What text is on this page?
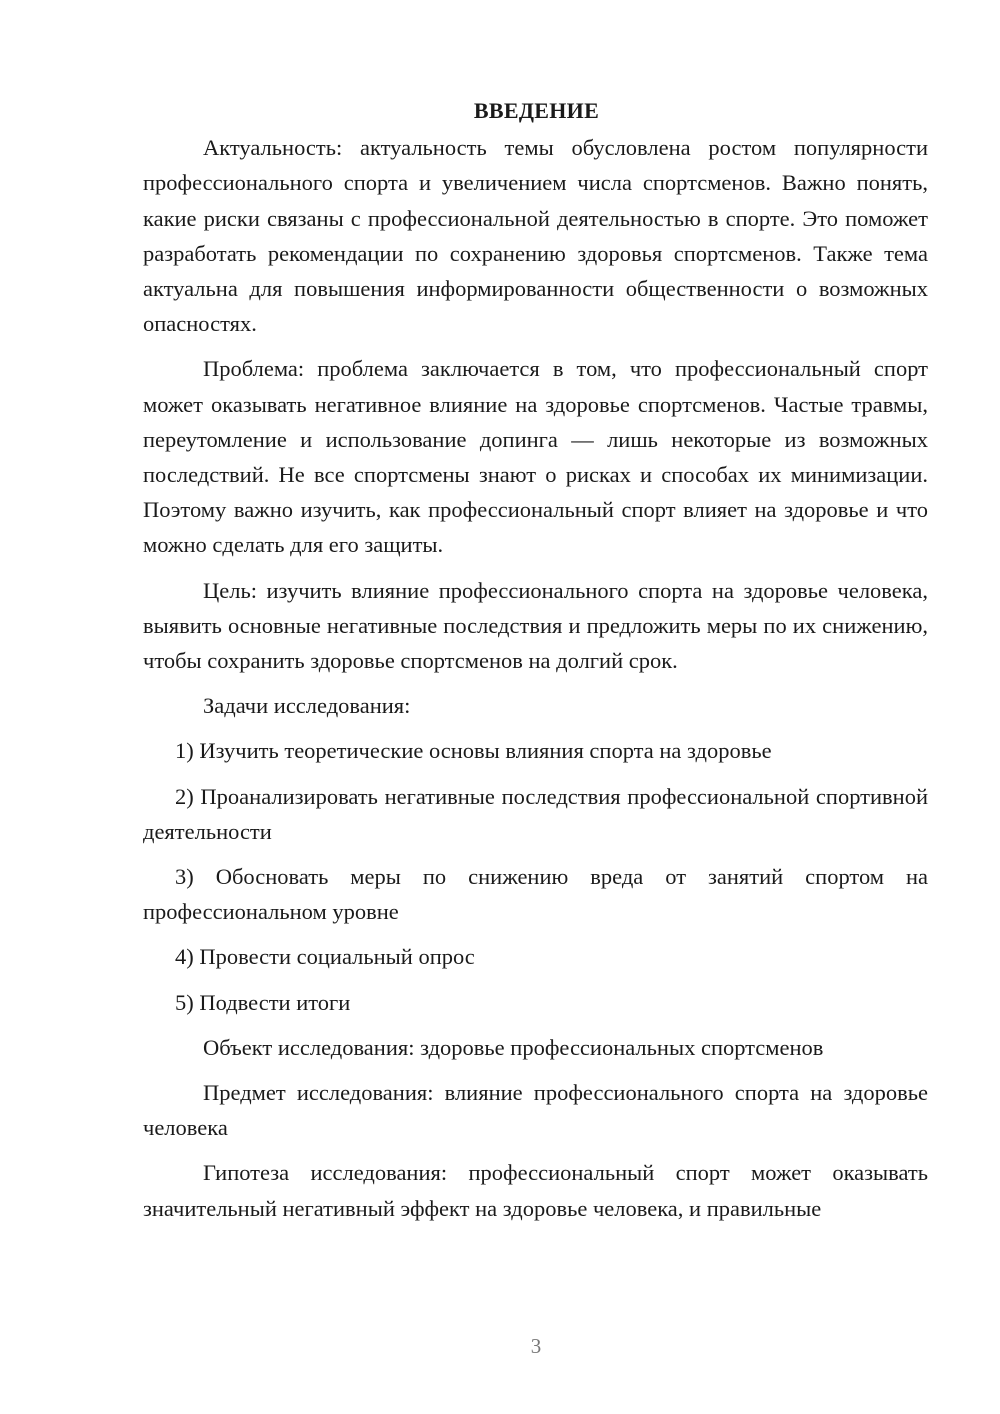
ВВЕДЕНИЕ

Актуальность: актуальность темы обусловлена ростом популярности профессионального спорта и увеличением числа спортсменов. Важно понять, какие риски связаны с профессиональной деятельностью в спорте. Это поможет разработать рекомендации по сохранению здоровья спортсменов. Также тема актуальна для повышения информированности общественности о возможных опасностях.

Проблема: проблема заключается в том, что профессиональный спорт может оказывать негативное влияние на здоровье спортсменов. Частые травмы, переутомление и использование допинга — лишь некоторые из возможных последствий. Не все спортсмены знают о рисках и способах их минимизации. Поэтому важно изучить, как профессиональный спорт влияет на здоровье и что можно сделать для его защиты.

Цель: изучить влияние профессионального спорта на здоровье человека, выявить основные негативные последствия и предложить меры по их снижению, чтобы сохранить здоровье спортсменов на долгий срок.

Задачи исследования:

1) Изучить теоретические основы влияния спорта на здоровье

2) Проанализировать негативные последствия профессиональной спортивной деятельности

3) Обосновать меры по снижению вреда от занятий спортом на профессиональном уровне

4) Провести социальный опрос

5) Подвести итоги

Объект исследования: здоровье профессиональных спортсменов

Предмет исследования: влияние профессионального спорта на здоровье человека

Гипотеза исследования: профессиональный спорт может оказывать значительный негативный эффект на здоровье человека, и правильные

3
